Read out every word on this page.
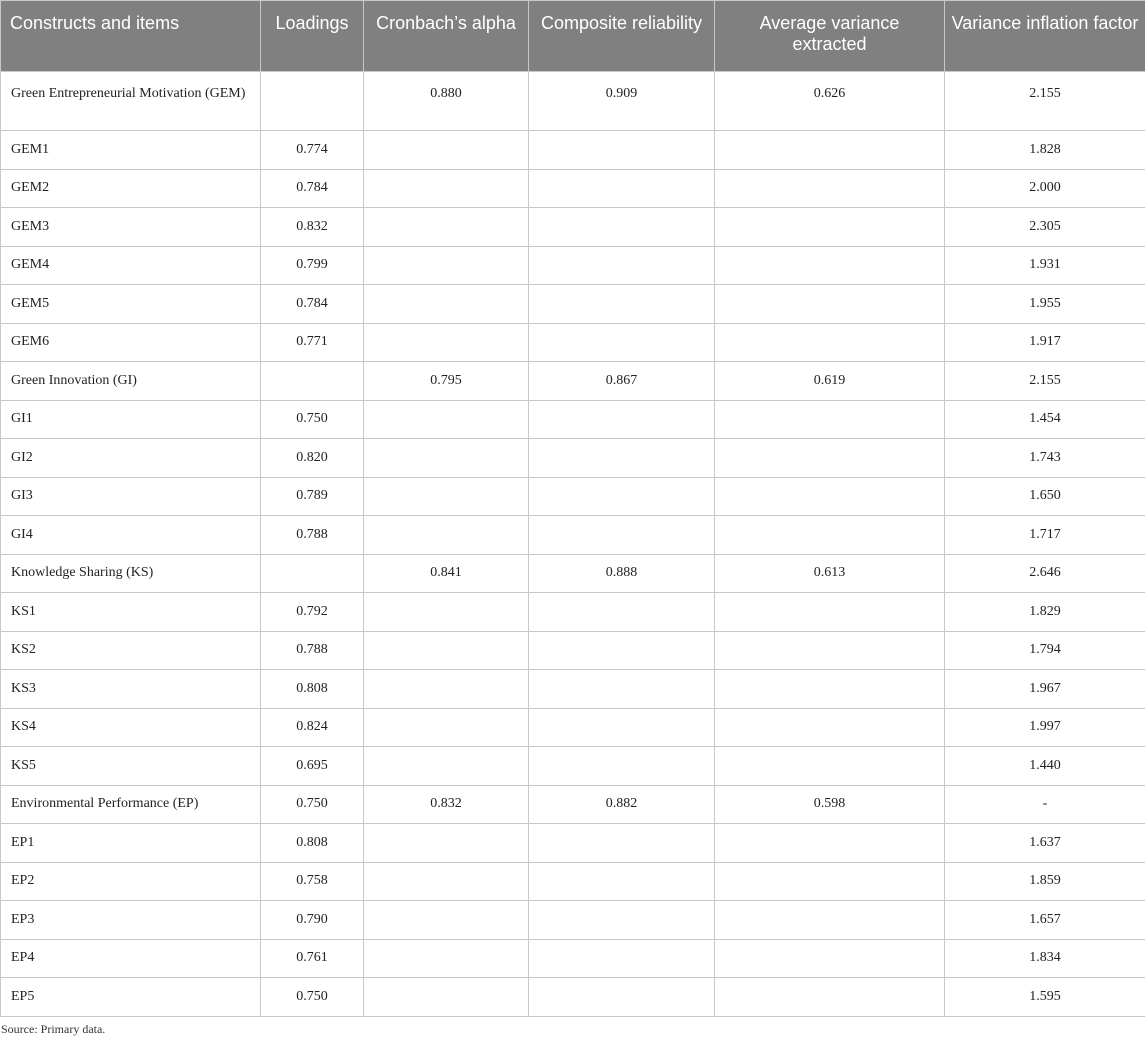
Constructs and items	Loadings	Cronbach’s alpha	Composite reliability	Average variance extracted	Variance inflation factor
Green Entrepreneurial Motivation (GEM)		0.880	0.909	0.626	2.155
GEM1	0.774				1.828
GEM2	0.784				2.000
GEM3	0.832				2.305
GEM4	0.799				1.931
GEM5	0.784				1.955
GEM6	0.771				1.917
Green Innovation (GI)		0.795	0.867	0.619	2.155
GI1	0.750				1.454
GI2	0.820				1.743
GI3	0.789				1.650
GI4	0.788				1.717
Knowledge Sharing (KS)		0.841	0.888	0.613	2.646
KS1	0.792				1.829
KS2	0.788				1.794
KS3	0.808				1.967
KS4	0.824				1.997
KS5	0.695				1.440
Environmental Performance (EP)	0.750	0.832	0.882	0.598	-
EP1	0.808				1.637
EP2	0.758				1.859
EP3	0.790				1.657
EP4	0.761				1.834
EP5	0.750				1.595
Source: Primary data.
